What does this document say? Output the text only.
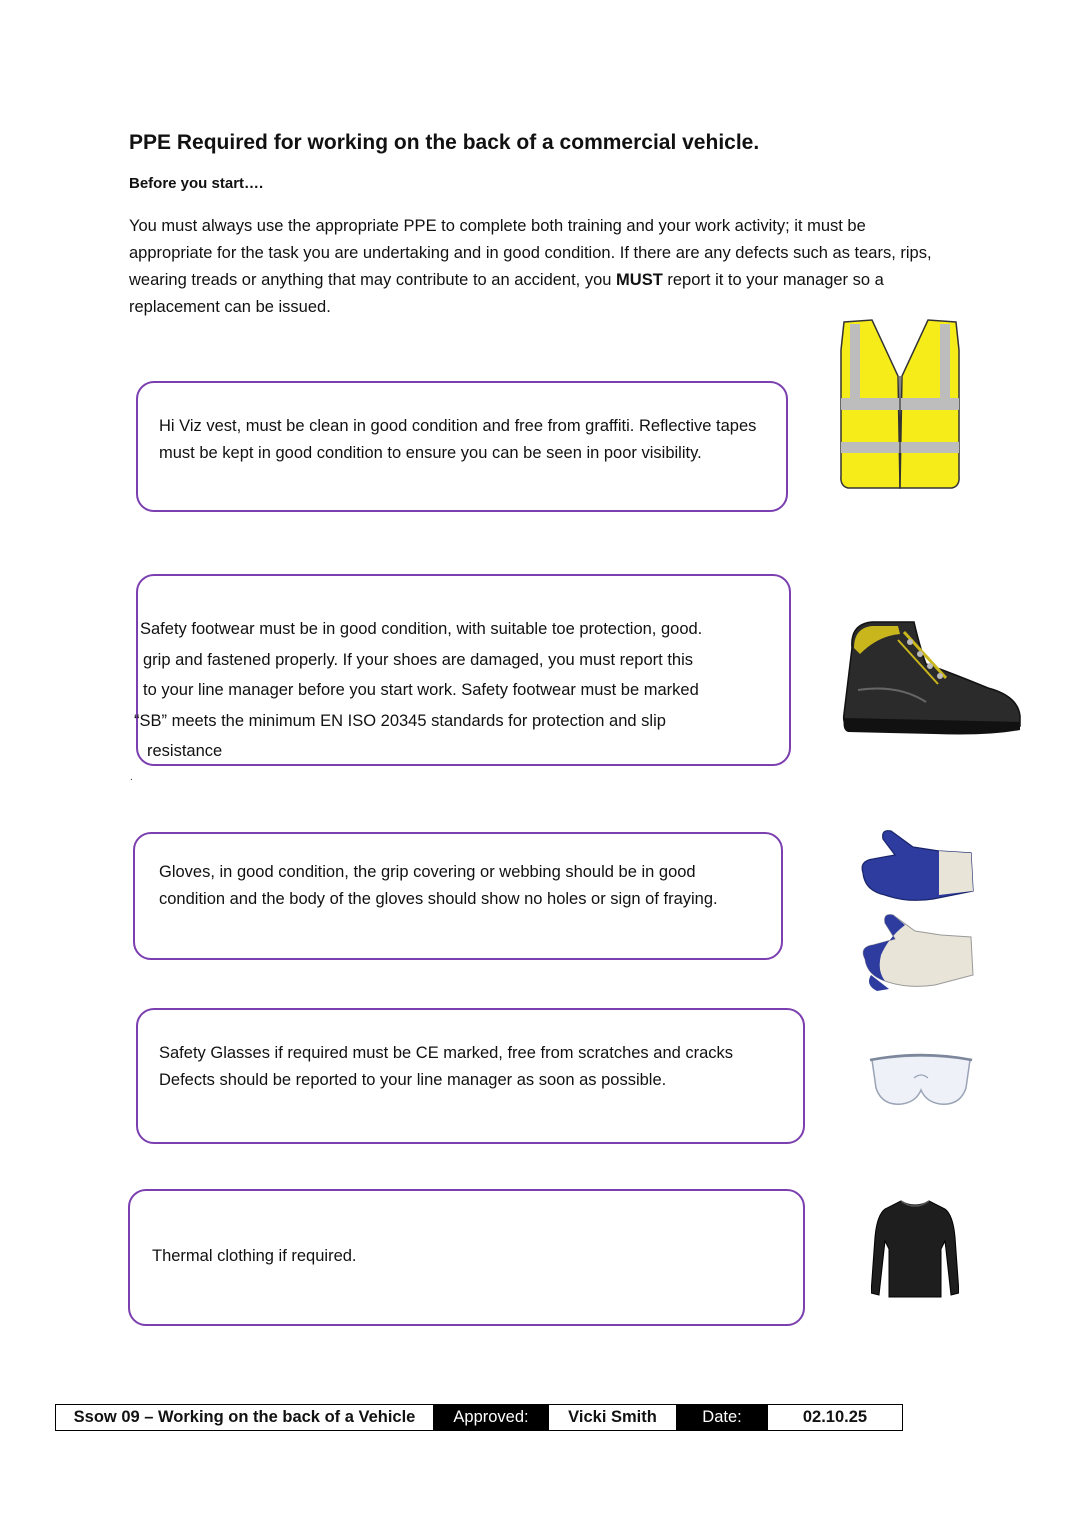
PPE Required for working on the back of a commercial vehicle.
Before you start….

You must always use the appropriate PPE to complete both training and your work activity; it must be appropriate for the task you are undertaking and in good condition. If there are any defects such as tears, rips, wearing treads or anything that may contribute to an accident, you MUST report it to your manager so a replacement can be issued.

Hi Viz vest, must be clean in good condition and free from graffiti. Reflective tapes must be kept in good condition to ensure you can be seen in poor visibility.

Safety footwear must be in good condition, with suitable toe protection, good.

grip and fastened properly. If your shoes are damaged, you must report this

to your line manager before you start work. Safety footwear must be marked

“SB” meets the minimum EN ISO 20345 standards for protection and slip

resistance

.

Gloves, in good condition, the grip covering or webbing should be in good condition and the body of the gloves should show no holes or sign of fraying.

Safety Glasses if required must be CE marked, free from scratches and cracks Defects should be reported to your line manager as soon as possible.

Thermal clothing if required.

Ssow 09 – Working on the back of a Vehicle	Approved:	Vicki Smith	Date:	02.10.25
